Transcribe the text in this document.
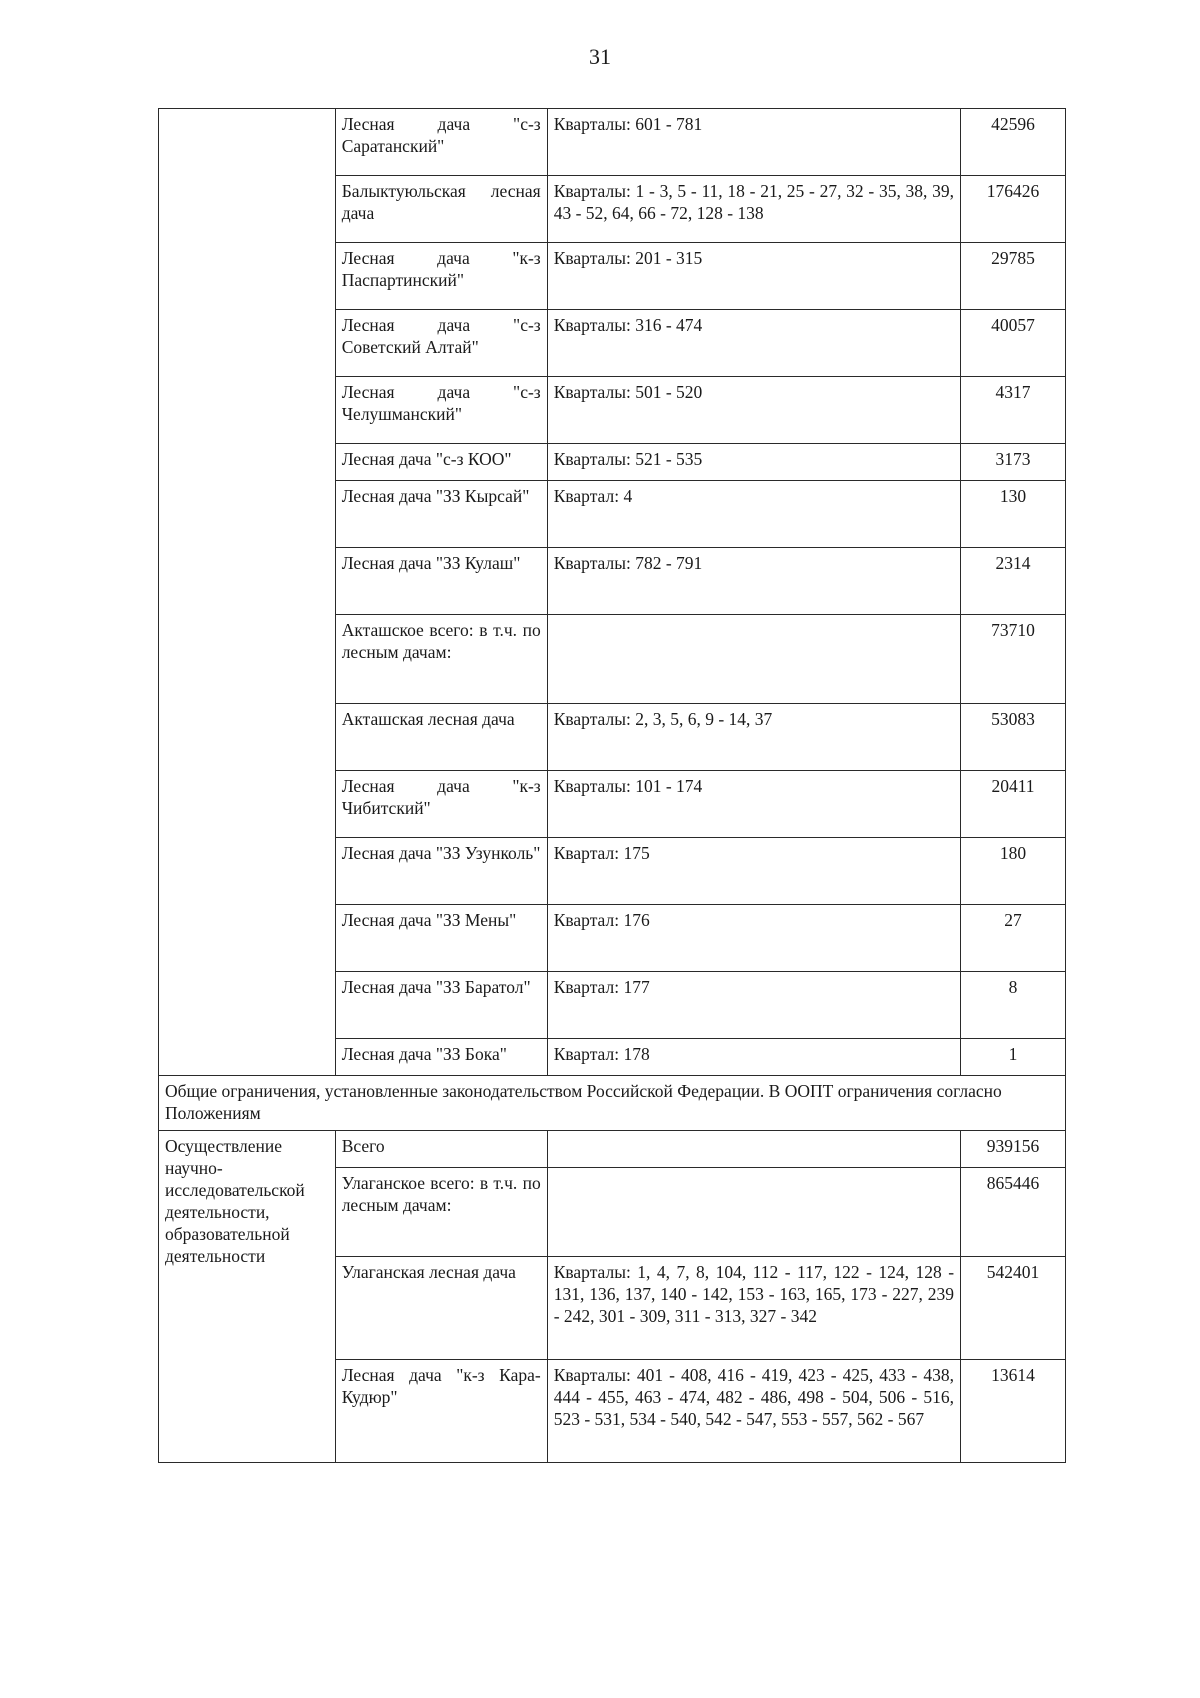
31

	Лесная дача "с-з Саратанский"	Кварталы: 601 - 781	42596

	Балыктуюльская лесная дача	Кварталы: 1 - 3, 5 - 11, 18 - 21, 25 - 27, 32 - 35, 38, 39, 43 - 52, 64, 66 - 72, 128 - 138	176426

	Лесная дача "к-з Паспартинский"	Кварталы: 201 - 315	29785

	Лесная дача "с-з Советский Алтай"	Кварталы: 316 - 474	40057

	Лесная дача "с-з Челушманский"	Кварталы: 501 - 520	4317
	Лесная дача "с-з КОО"	Кварталы: 521 - 535	3173

	Лесная дача "ЗЗ Кырсай"	Квартал: 4	130

	Лесная дача "ЗЗ Кулаш"	Кварталы: 782 - 791	2314

	Акташское всего: в т.ч. по лесным дачам:		73710

	Акташская лесная дача	Кварталы: 2, 3, 5, 6, 9 - 14, 37	53083

	Лесная дача "к-з Чибитский"	Кварталы: 101 - 174	20411

	Лесная дача "ЗЗ Узунколь"	Квартал: 175	180

	Лесная дача "ЗЗ Мены"	Квартал: 176	27

	Лесная дача "ЗЗ Баратол"	Квартал: 177	8
	Лесная дача "ЗЗ Бока"	Квартал: 178	1
Общие ограничения, установленные законодательством Российской Федерации. В ООПТ ограничения согласно Положениям			
Осуществление научно-исследовательской деятельности, образовательной деятельности	Всего		939156

	Улаганское всего: в т.ч. по лесным дачам:		865446

	Улаганская лесная дача	Кварталы: 1, 4, 7, 8, 104, 112 - 117, 122 - 124, 128 - 131, 136, 137, 140 - 142, 153 - 163, 165, 173 - 227, 239 - 242, 301 - 309, 311 - 313, 327 - 342	542401

	Лесная дача "к-з Кара-Кудюр"	Кварталы: 401 - 408, 416 - 419, 423 - 425, 433 - 438, 444 - 455, 463 - 474, 482 - 486, 498 - 504, 506 - 516, 523 - 531, 534 - 540, 542 - 547, 553 - 557, 562 - 567	13614
